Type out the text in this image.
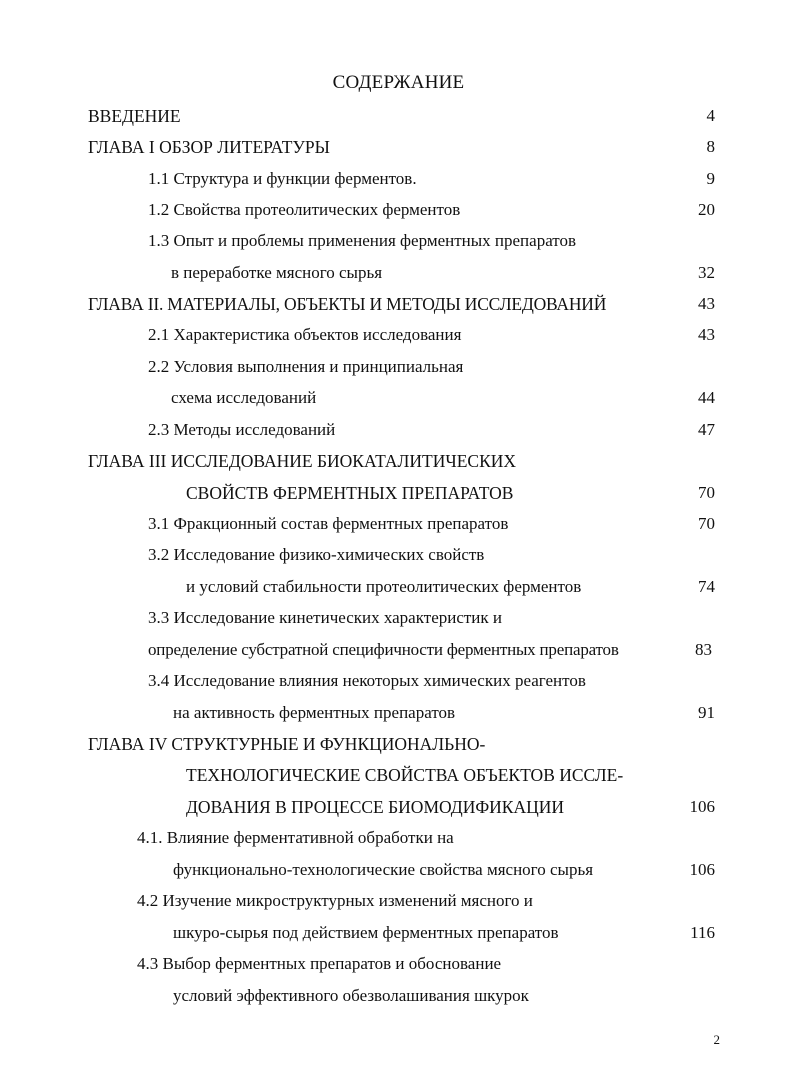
СОДЕРЖАНИЕ
ВВЕДЕНИЕ	4
ГЛАВА I ОБЗОР ЛИТЕРАТУРЫ	8
1.1 Структура и функции ферментов.	9
1.2 Свойства протеолитических ферментов	20
1.3 Опыт и проблемы применения ферментных препаратов
в переработке мясного сырья	32
ГЛАВА II. МАТЕРИАЛЫ, ОБЪЕКТЫ И МЕТОДЫ ИССЛЕДОВАНИЙ	43
2.1 Характеристика объектов исследования	43
2.2 Условия выполнения и принципиальная
схема исследований	44
2.3 Методы исследований	47
ГЛАВА III ИССЛЕДОВАНИЕ БИОКАТАЛИТИЧЕСКИХ
СВОЙСТВ ФЕРМЕНТНЫХ ПРЕПАРАТОВ	70
3.1 Фракционный состав ферментных препаратов	70
3.2 Исследование физико-химических свойств
и условий стабильности протеолитических ферментов	74
3.3 Исследование кинетических характеристик и
определение субстратной специфичности ферментных препаратов	83
3.4 Исследование влияния некоторых химических реагентов
на активность ферментных препаратов	91
ГЛАВА IV СТРУКТУРНЫЕ И ФУНКЦИОНАЛЬНО-
ТЕХНОЛОГИЧЕСКИЕ СВОЙСТВА ОБЪЕКТОВ ИССЛЕ-
ДОВАНИЯ В ПРОЦЕССЕ БИОМОДИФИКАЦИИ	106
4.1. Влияние ферментативной обработки на
функционально-технологические свойства мясного сырья	106
4.2 Изучение микроструктурных изменений мясного и
шкуро-сырья под действием ферментных препаратов	116
4.3 Выбор ферментных препаратов и обоснование
условий эффективного обезволашивания шкурок
2
